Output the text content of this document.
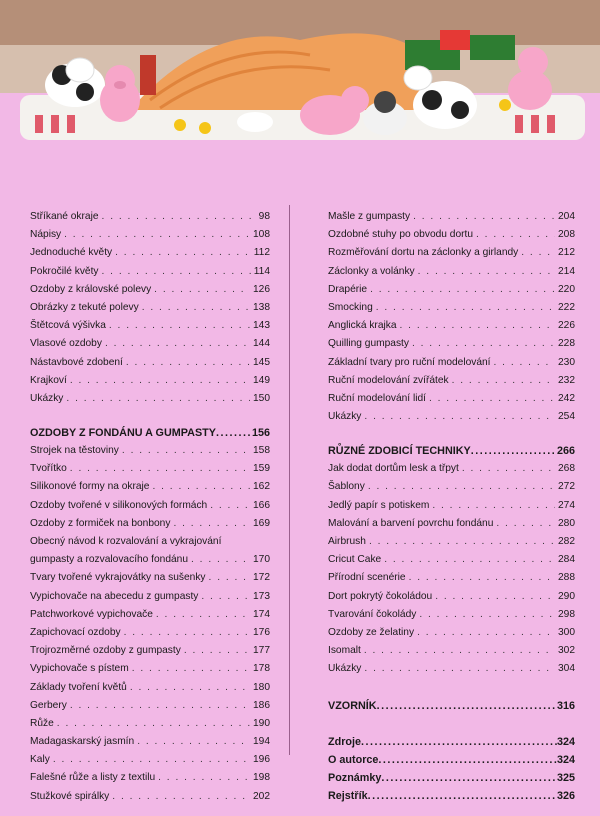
Stříkané okraje . . .	98
Nápisy . . .	108
Jednoduché květy . . .	112
Pokročilé květy . . .	114
Ozdoby z královské polevy . . .	126
Obrázky z tekuté polevy . . .	138
Štětcová výšivka . . .	143
Vlasové ozdoby . . .	144
Nástavbové zdobení . . .	145
Krajkoví . . .	149
Ukázky . . .	150
OZDOBY Z FONDÁNU A GUMPASTY .....	156
Strojek na těstoviny . . .	158
Tvořítko . . .	159
Silikonové formy na okraje . . .	162
Ozdoby tvořené v silikonových formách . . .	166
Ozdoby z formiček na bonbony . . .	169
Obecný návod k rozvalování a vykrajování
gumpasty a rozvalovacího fondánu . . .	170
Tvary tvořené vykrajovátky na sušenky . . .	172
Vypichovače na abecedu z gumpasty . . .	173
Patchworkové vypichovače . . .	174
Zapichovací ozdoby . . .	176
Trojrozměrné ozdoby z gumpasty . . .	177
Vypichovače s pístem . . .	178
Základy tvoření květů . . .	180
Gerbery . . .	186
Růže . . .	190
Madagaskarský jasmín . . .	194
Kaly . . .	196
Falešné růže a listy z textilu . . .	198
Stužkové spirálky . . .	202
Mašle z gumpasty . . .	204
Ozdobné stuhy po obvodu dortu . . .	208
Rozměřování dortu na záclonky a girlandy . . .	212
Záclonky a volánky . . .	214
Drapérie . . .	220
Smocking . . .	222
Anglická krajka . . .	226
Quilling gumpasty . . .	228
Základní tvary pro ruční modelování . . .	230
Ruční modelování zvířátek . . .	232
Ruční modelování lidí . . .	242
Ukázky . . .	254
RŮZNÉ ZDOBICÍ TECHNIKY .....	266
Jak dodat dortům lesk a třpyt . . .	268
Šablony . . .	272
Jedlý papír s potiskem . . .	274
Malování a barvení povrchu fondánu . . .	280
Airbrush . . .	282
Cricut Cake . . .	284
Přírodní scenérie . . .	288
Dort pokrytý čokoládou . . .	290
Tvarování čokolády . . .	298
Ozdoby ze želatiny . . .	300
Isomalt . . .	302
Ukázky . . .	304
VZORNÍK .....	316
Zdroje .....	324
O autorce .....	324
Poznámky .....	325
Rejstřík .....	326
